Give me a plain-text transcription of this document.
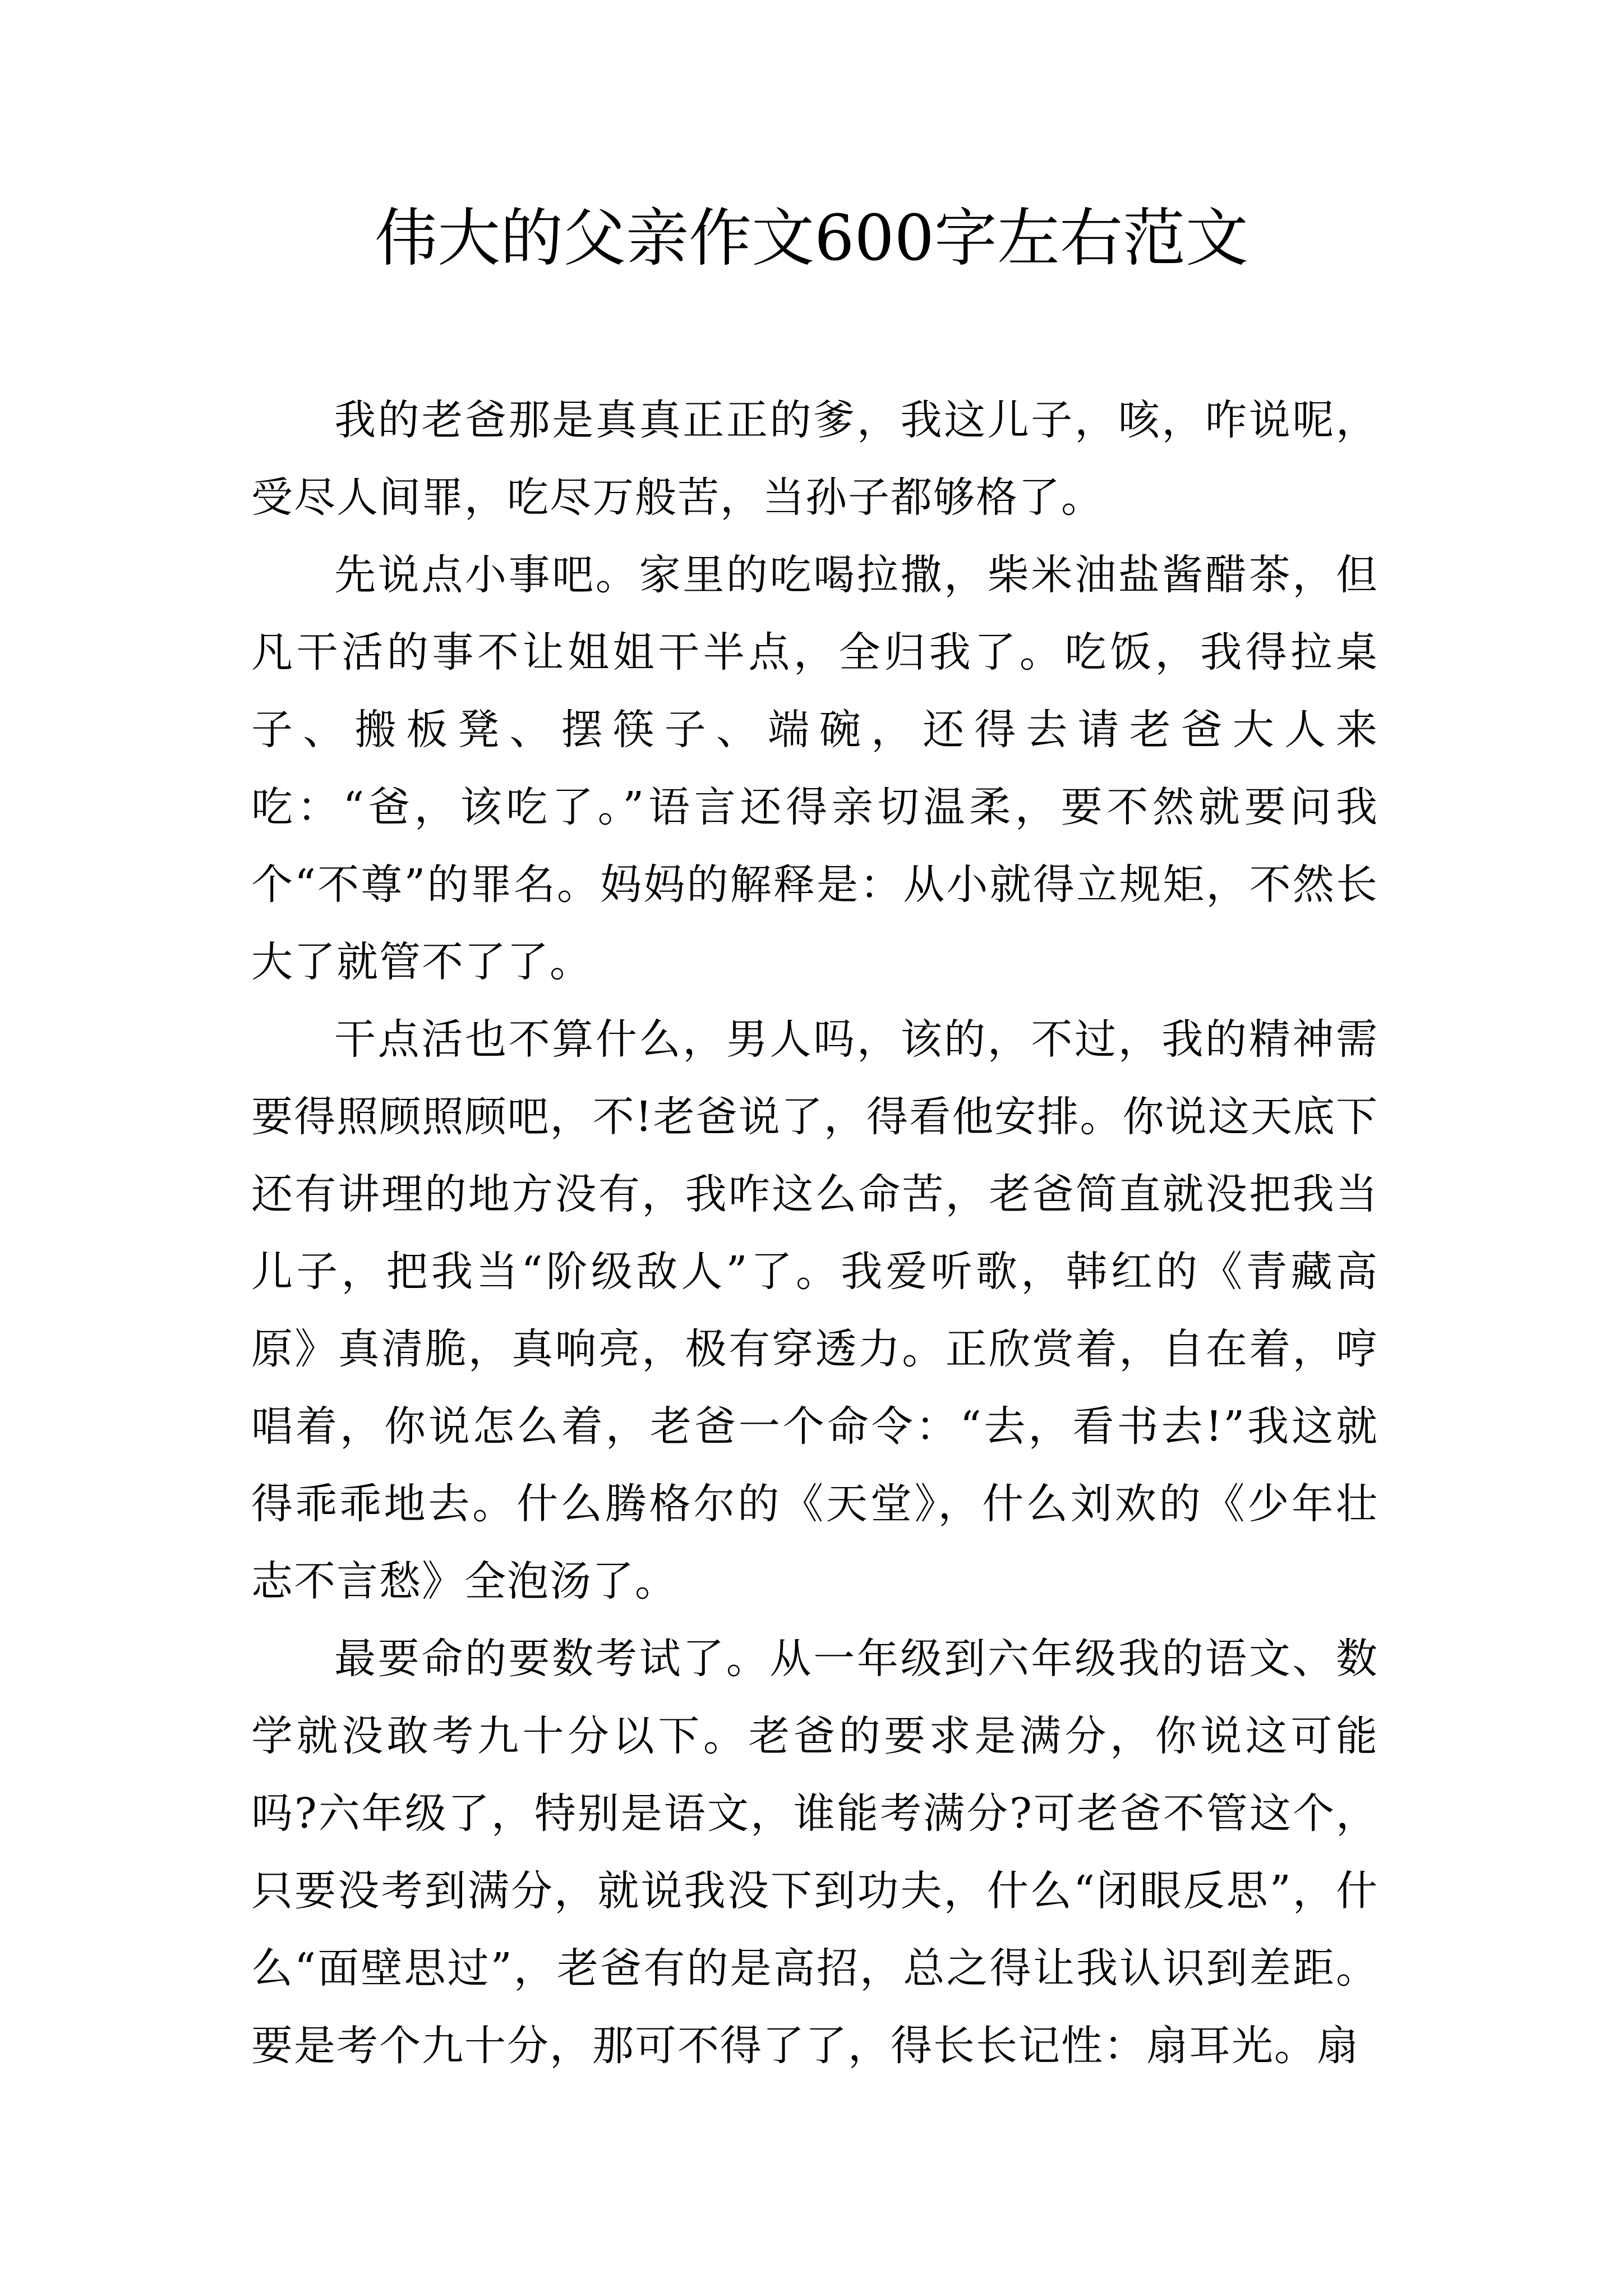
伟大的父亲作文600字左右范文

我的老爸那是真真正正的爹，我这儿子，咳，咋说呢，受尽人间罪，吃尽万般苦，当孙子都够格了。

先说点小事吧。家里的吃喝拉撒，柴米油盐酱醋茶，但凡干活的事不让姐姐干半点，全归我了。吃饭，我得拉桌子、搬板凳、摆筷子、端碗，还得去请老爸大人来吃：“爸，该吃了。”语言还得亲切温柔，要不然就要问我个“不尊”的罪名。妈妈的解释是：从小就得立规矩，不然长大了就管不了了。

干点活也不算什么，男人吗，该的，不过，我的精神需要得照顾照顾吧，不!老爸说了，得看他安排。你说这天底下还有讲理的地方没有，我咋这么命苦，老爸简直就没把我当儿子，把我当“阶级敌人”了。我爱听歌，韩红的《青藏高原》真清脆，真响亮，极有穿透力。正欣赏着，自在着，哼唱着，你说怎么着，老爸一个命令：“去，看书去!”我这就得乖乖地去。什么腾格尔的《天堂》，什么刘欢的《少年壮志不言愁》全泡汤了。

最要命的要数考试了。从一年级到六年级我的语文、数学就没敢考九十分以下。老爸的要求是满分，你说这可能吗?六年级了，特别是语文，谁能考满分?可老爸不管这个，只要没考到满分，就说我没下到功夫，什么“闭眼反思”，什么“面壁思过”，老爸有的是高招，总之得让我认识到差距。要是考个九十分，那可不得了了，得长长记性：扇耳光。扇
